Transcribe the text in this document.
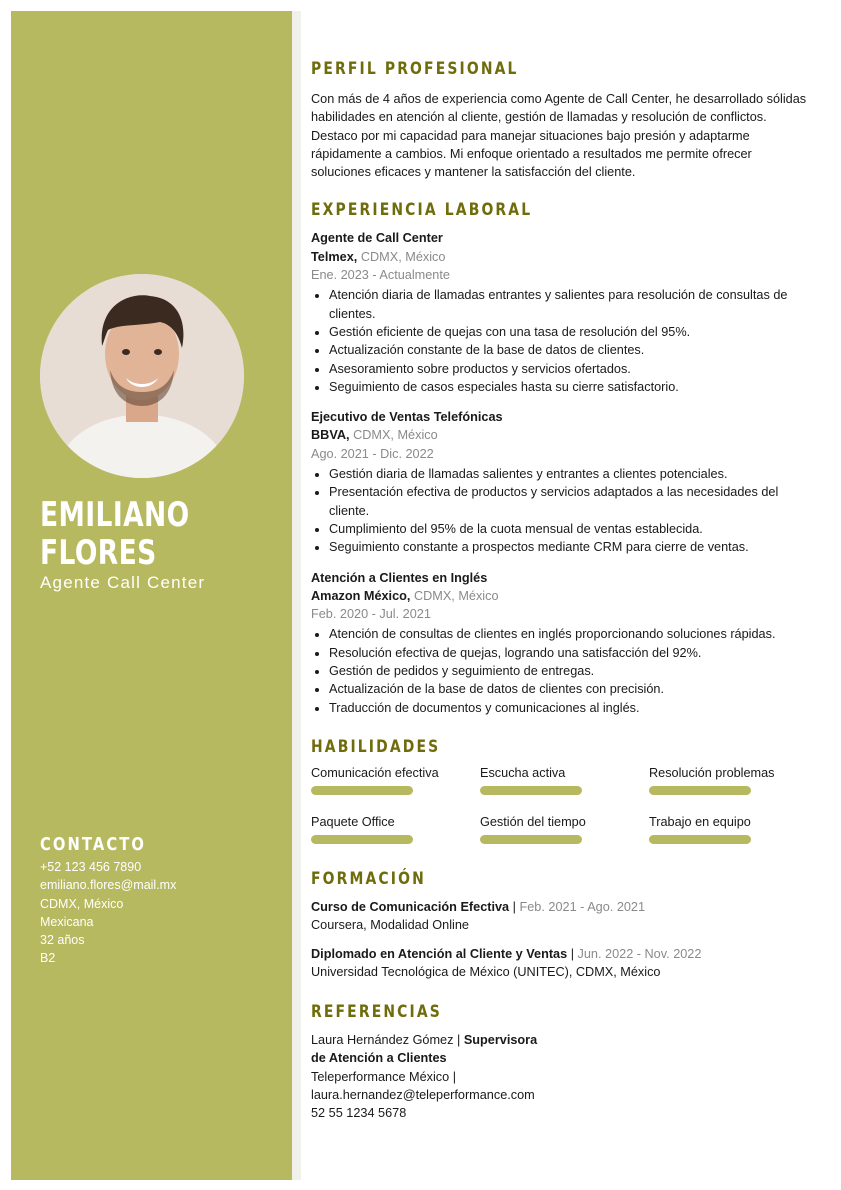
EMILIANO
FLORES
Agente Call Center
CONTACTO
+52 123 456 7890
emiliano.flores@mail.mx
CDMX, México
Mexicana
32 años
B2
PERFIL PROFESIONAL

Con más de 4 años de experiencia como Agente de Call Center, he desarrollado sólidas habilidades en atención al cliente, gestión de llamadas y resolución de conflictos. Destaco por mi capacidad para manejar situaciones bajo presión y adaptarme rápidamente a cambios. Mi enfoque orientado a resultados me permite ofrecer soluciones eficaces y mantener la satisfacción del cliente.

EXPERIENCIA LABORAL
Agente de Call Center
Telmex, CDMX, México
Ene. 2023 - Actualmente
• Atención diaria de llamadas entrantes y salientes para resolución de consultas de clientes.
• Gestión eficiente de quejas con una tasa de resolución del 95%.
• Actualización constante de la base de datos de clientes.
• Asesoramiento sobre productos y servicios ofertados.
• Seguimiento de casos especiales hasta su cierre satisfactorio.
Ejecutivo de Ventas Telefónicas
BBVA, CDMX, México
Ago. 2021 - Dic. 2022
• Gestión diaria de llamadas salientes y entrantes a clientes potenciales.
• Presentación efectiva de productos y servicios adaptados a las necesidades del cliente.
• Cumplimiento del 95% de la cuota mensual de ventas establecida.
• Seguimiento constante a prospectos mediante CRM para cierre de ventas.
Atención a Clientes en Inglés
Amazon México, CDMX, México
Feb. 2020 - Jul. 2021
• Atención de consultas de clientes en inglés proporcionando soluciones rápidas.
• Resolución efectiva de quejas, logrando una satisfacción del 92%.
• Gestión de pedidos y seguimiento de entregas.
• Actualización de la base de datos de clientes con precisión.
• Traducción de documentos y comunicaciones al inglés.
HABILIDADES
Comunicación efectiva	Escucha activa	Resolución problemas
Paquete Office	Gestión del tiempo	Trabajo en equipo
FORMACIÓN
Curso de Comunicación Efectiva | Feb. 2021 - Ago. 2021
Coursera, Modalidad Online
Diplomado en Atención al Cliente y Ventas | Jun. 2022 - Nov. 2022
Universidad Tecnológica de México (UNITEC), CDMX, México
REFERENCIAS
Laura Hernández Gómez | Supervisora
de Atención a Clientes
Teleperformance México |
laura.hernandez@teleperformance.com
52 55 1234 5678
